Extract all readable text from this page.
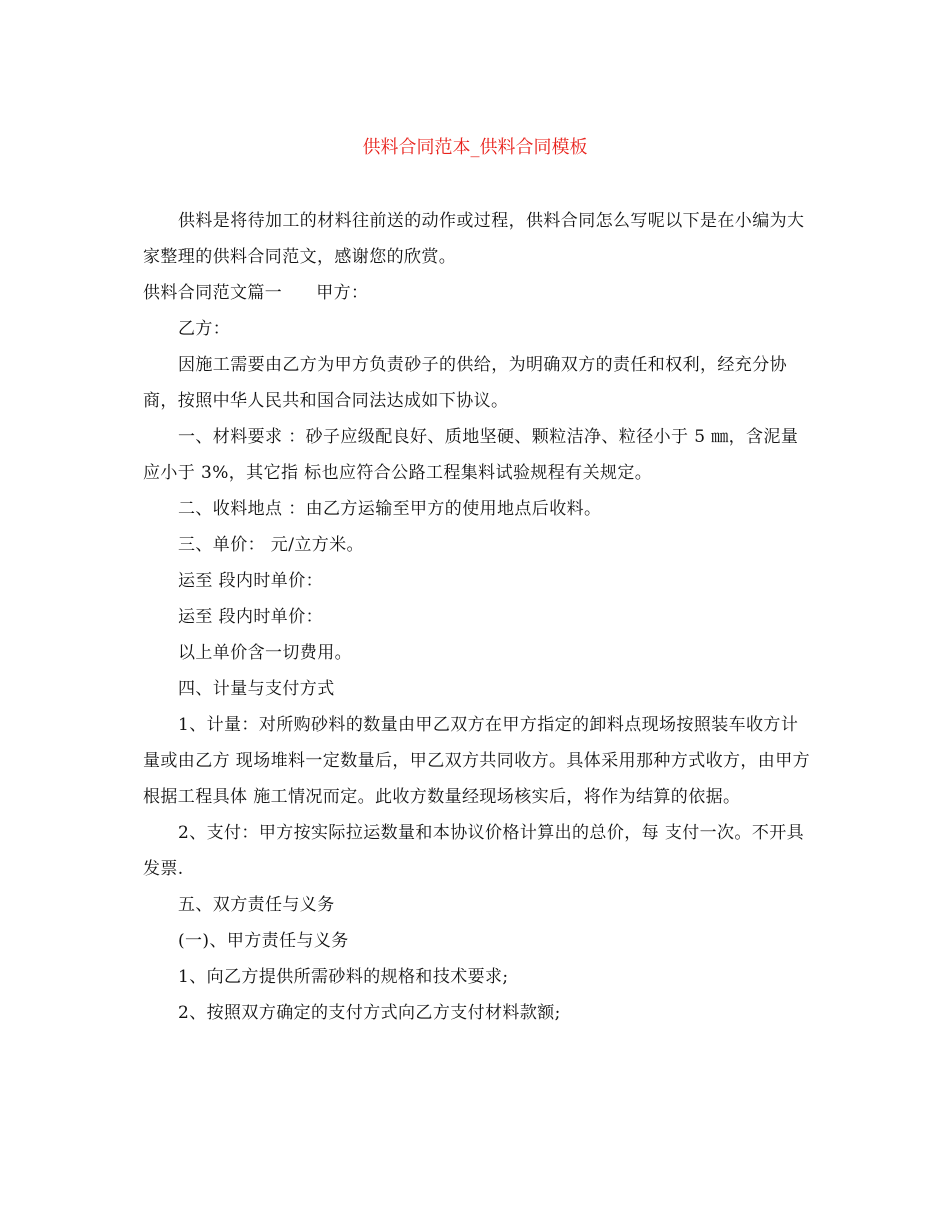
供料合同范本_供料合同模板

供料是将待加工的材料往前送的动作或过程，供料合同怎么写呢以下是在小编为大家整理的供料合同范文，感谢您的欣赏。

供料合同范文篇一 甲方：

乙方：

因施工需要由乙方为甲方负责砂子的供给，为明确双方的责任和权利，经充分协 商，按照中华人民共和国合同法达成如下协议。

一、材料要求 ：砂子应级配良好、质地坚硬、颗粒洁净、粒径小于 5 ㎜，含泥量应小于 3%，其它指 标也应符合公路工程集料试验规程有关规定。

二、收料地点 ：由乙方运输至甲方的使用地点后收料。

三、单价： 元/立方米。

运至 段内时单价：

运至 段内时单价：

以上单价含一切费用。

四、计量与支付方式

1、计量：对所购砂料的数量由甲乙双方在甲方指定的卸料点现场按照装车收方计量或由乙方 现场堆料一定数量后，甲乙双方共同收方。具体采用那种方式收方，由甲方根据工程具体 施工情况而定。此收方数量经现场核实后，将作为结算的依据。

2、支付：甲方按实际拉运数量和本协议价格计算出的总价，每 支付一次。不开具发票.

五、双方责任与义务

(一)、甲方责任与义务

1、向乙方提供所需砂料的规格和技术要求;

2、按照双方确定的支付方式向乙方支付材料款额;
